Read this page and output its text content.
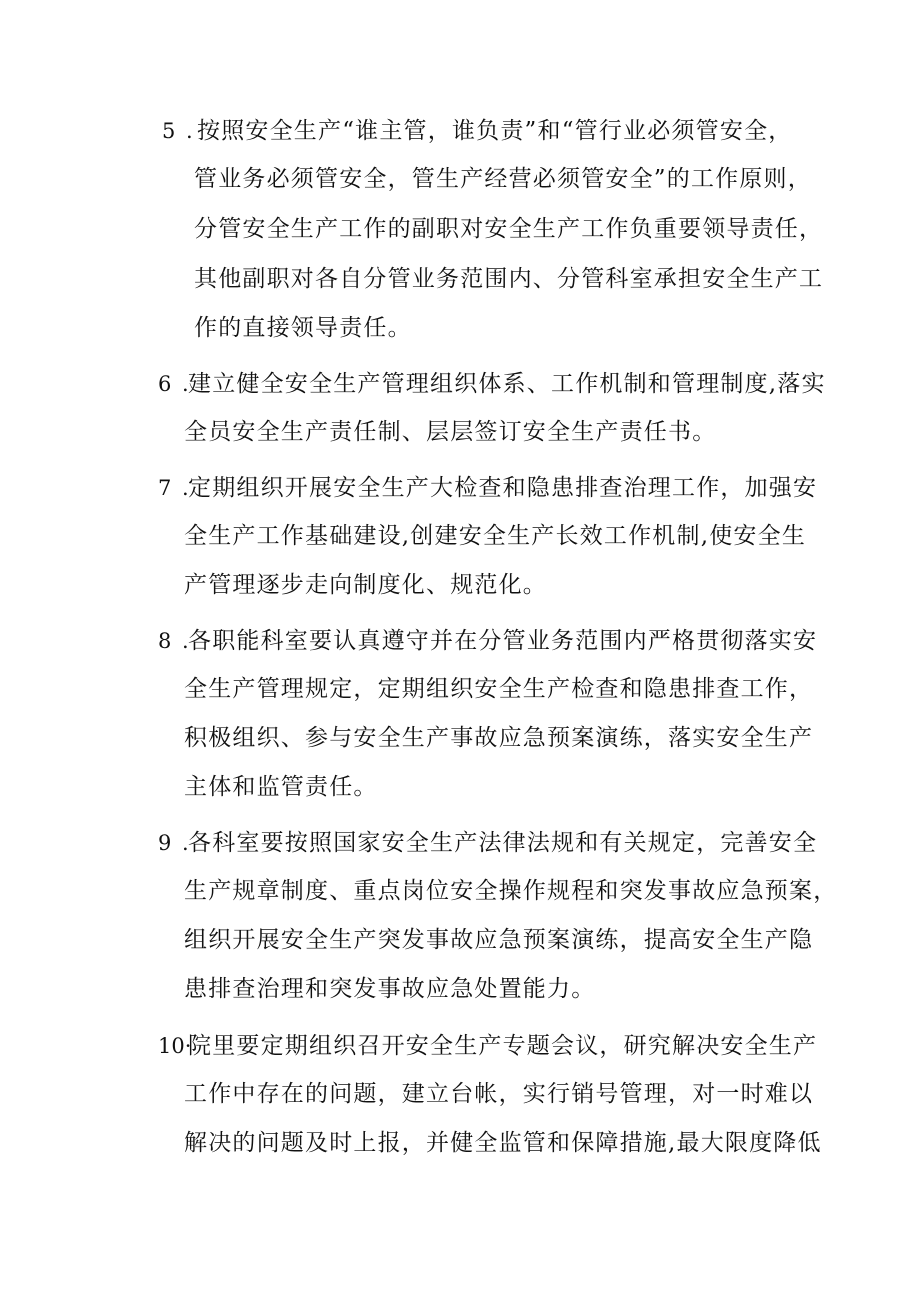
5 . 按照安全生产“谁主管，谁负责”和“管行业必须管安全，
管业务必须管安全，管生产经营必须管安全”的工作原则，
分管安全生产工作的副职对安全生产工作负重要领导责任，
其他副职对各自分管业务范围内、分管科室承担安全生产工
作的直接领导责任。
6 .
建立健全安全生产管理组织体系、工作机制和管理制度,落实
全员安全生产责任制、层层签订安全生产责任书。
7 .
定期组织开展安全生产大检查和隐患排查治理工作，加强安
全生产工作基础建设,创建安全生产长效工作机制,使安全生
产管理逐步走向制度化、规范化。
8 .
各职能科室要认真遵守并在分管业务范围内严格贯彻落实安
全生产管理规定，定期组织安全生产检查和隐患排查工作，
积极组织、参与安全生产事故应急预案演练，落实安全生产
主体和监管责任。
9 .
各科室要按照国家安全生产法律法规和有关规定，完善安全
生产规章制度、重点岗位安全操作规程和突发事故应急预案，
组织开展安全生产突发事故应急预案演练，提高安全生产隐
患排查治理和突发事故应急处置能力。
10·
院里要定期组织召开安全生产专题会议，研究解决安全生产
工作中存在的问题，建立台帐，实行销号管理，对一时难以
解决的问题及时上报，并健全监管和保障措施,最大限度降低
